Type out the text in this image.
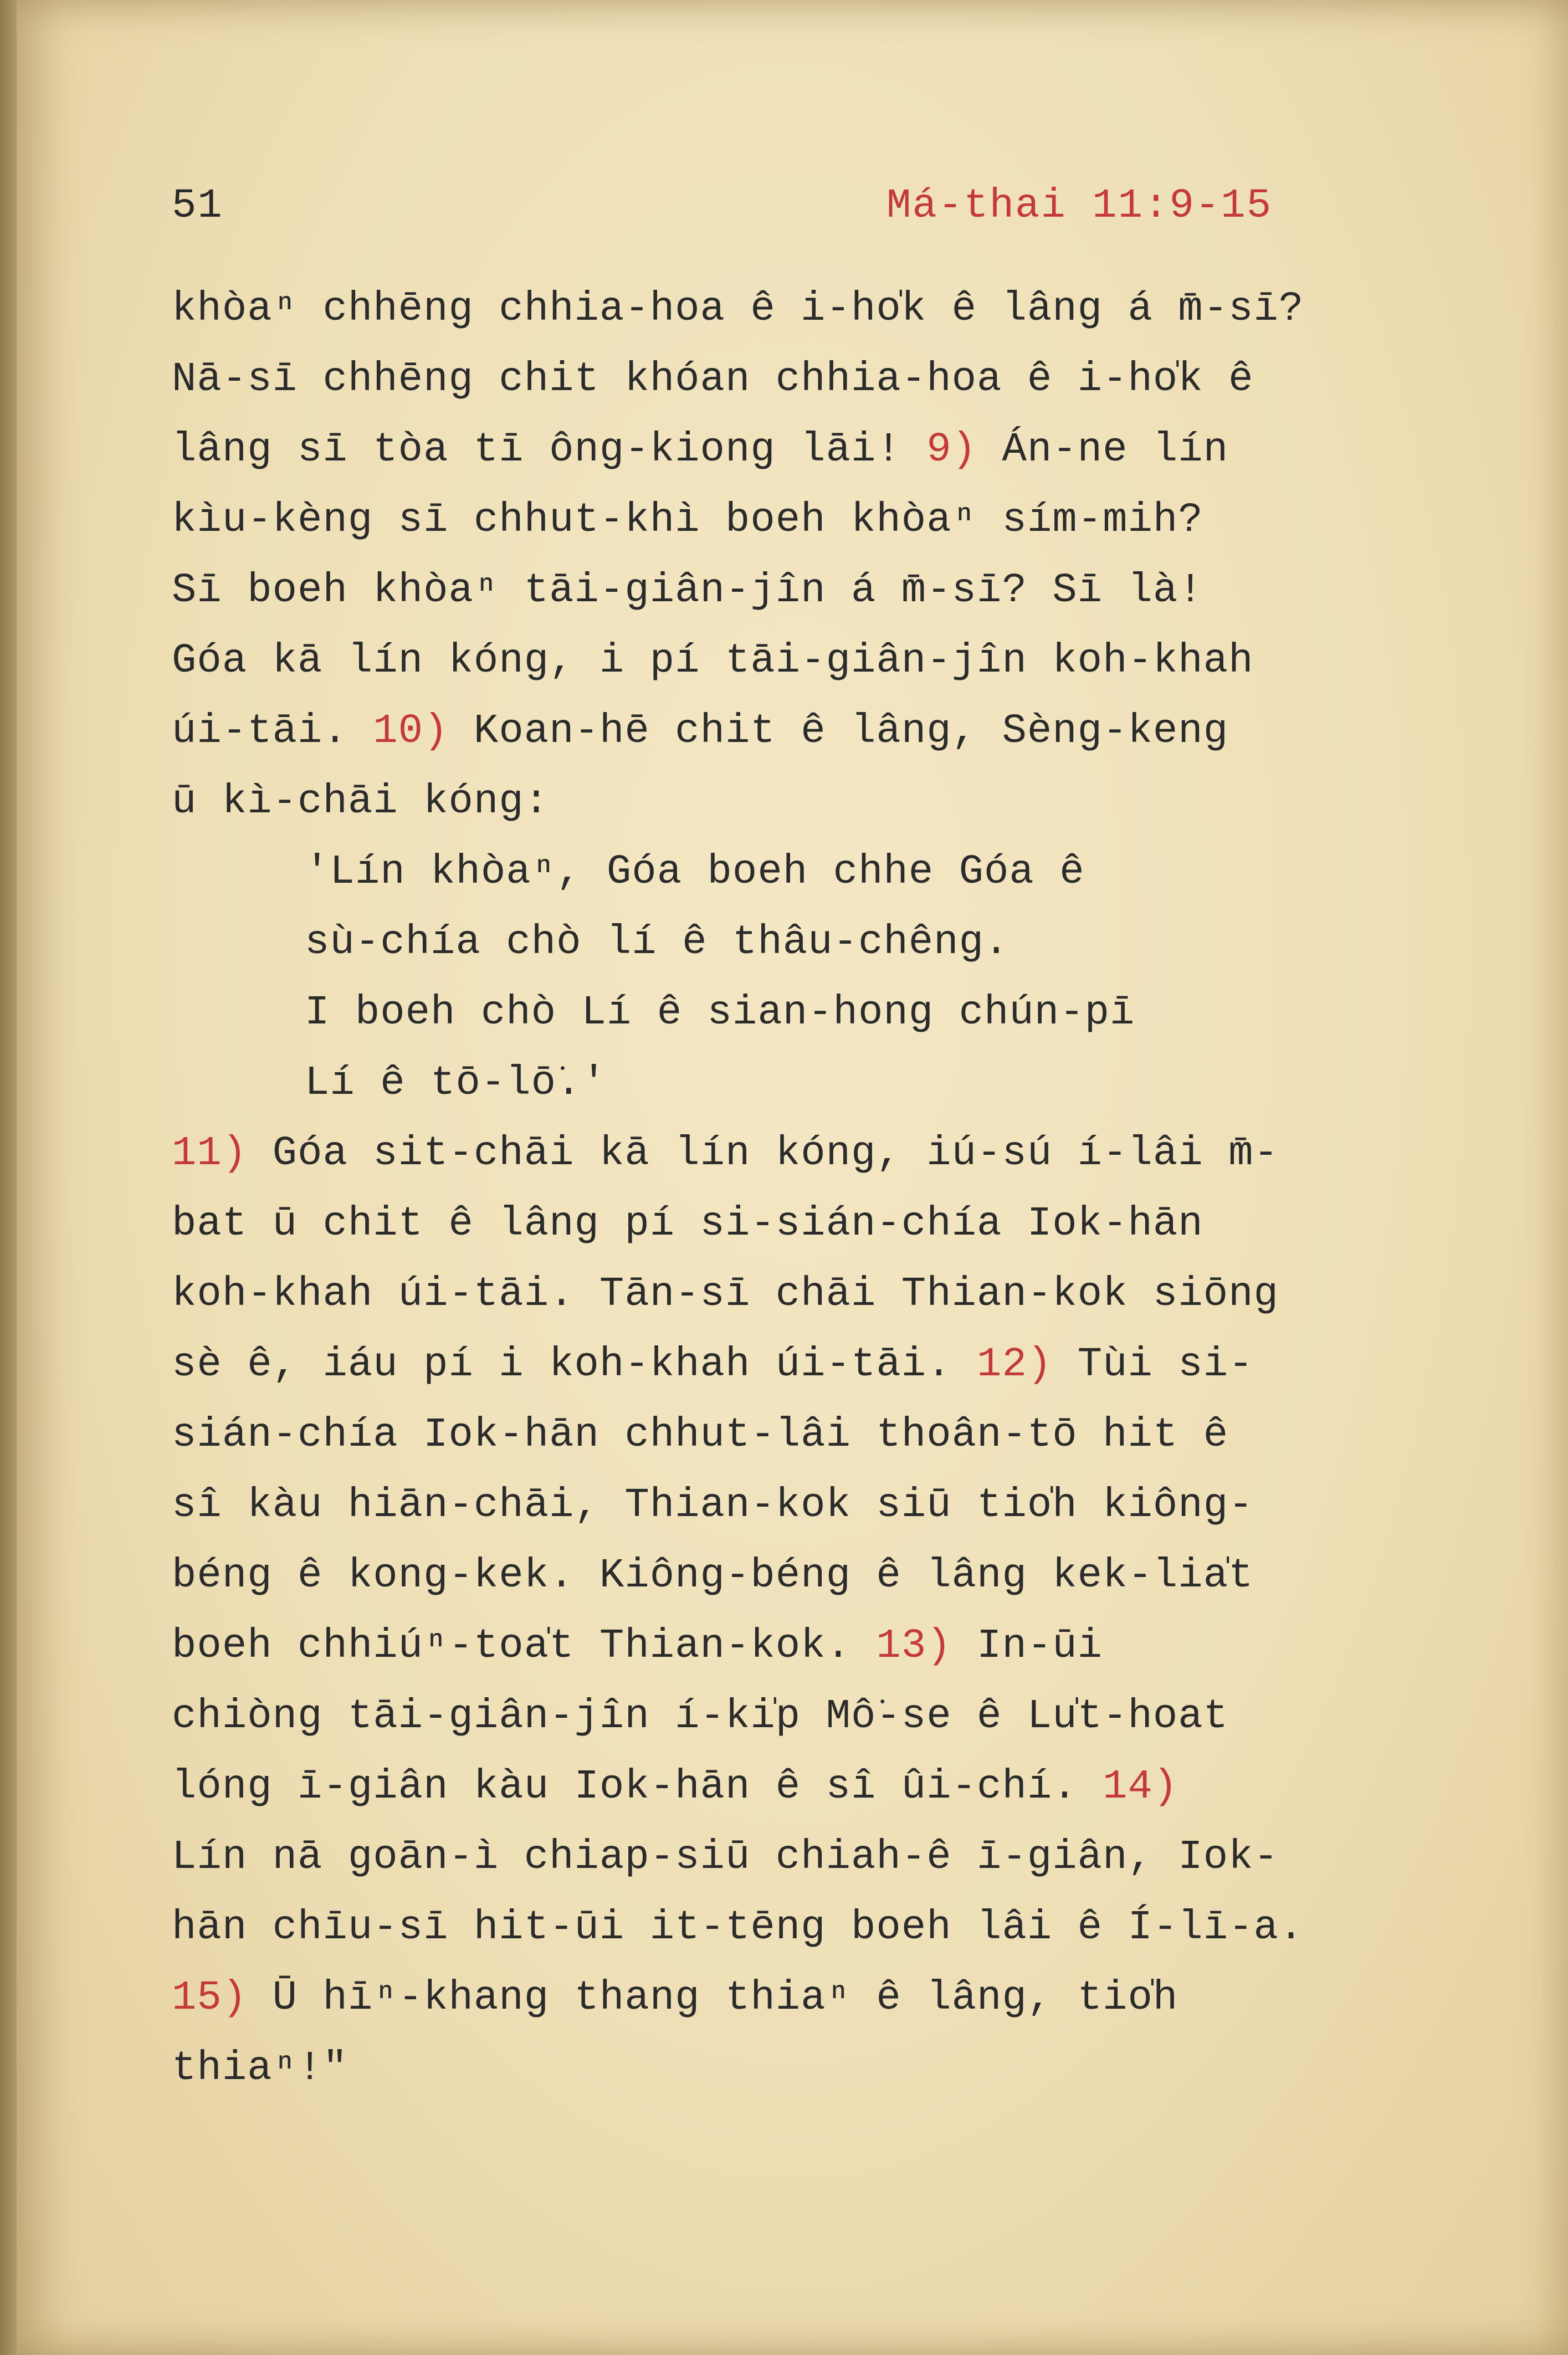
51	Má-thai 11:9-15
khòaⁿ chhēng chhia-hoa ê i-ho̍k ê lâng á m̄-sī?
Nā-sī chhēng chit khóan chhia-hoa ê i-ho̍k ê
lâng sī tòa tī ông-kiong lāi! 9) Án-ne lín
kìu-kèng sī chhut-khì boeh khòaⁿ sím-mih?
Sī boeh khòaⁿ tāi-giân-jîn á m̄-sī? Sī là!
Góa kā lín kóng, i pí tāi-giân-jîn koh-khah
úi-tāi. 10) Koan-hē chit ê lâng, Sèng-keng
ū kì-chāi kóng:
'Lín khòaⁿ, Góa boeh chhe Góa ê
sù-chía chò lí ê thâu-chêng.
I boeh chò Lí ê sian-hong chún-pī
Lí ê tō-lō͘.'
11) Góa sit-chāi kā lín kóng, iú-sú í-lâi m̄-
bat ū chit ê lâng pí si-sián-chía Iok-hān
koh-khah úi-tāi. Tān-sī chāi Thian-kok siōng
sè ê, iáu pí i koh-khah úi-tāi. 12) Tùi si-
sián-chía Iok-hān chhut-lâi thoân-tō hit ê
sî kàu hiān-chāi, Thian-kok siū tio̍h kiông-
béng ê kong-kek. Kiông-béng ê lâng kek-lia̍t
boeh chhiúⁿ-toa̍t Thian-kok. 13) In-ūi
chiòng tāi-giân-jîn í-ki̍p Mô͘-se ê Lu̍t-hoat
lóng ī-giân kàu Iok-hān ê sî ûi-chí. 14)
Lín nā goān-ì chiap-siū chiah-ê ī-giân, Iok-
hān chīu-sī hit-ūi it-tēng boeh lâi ê Í-lī-a.
15) Ū hīⁿ-khang thang thiaⁿ ê lâng, tio̍h
thiaⁿ!"
